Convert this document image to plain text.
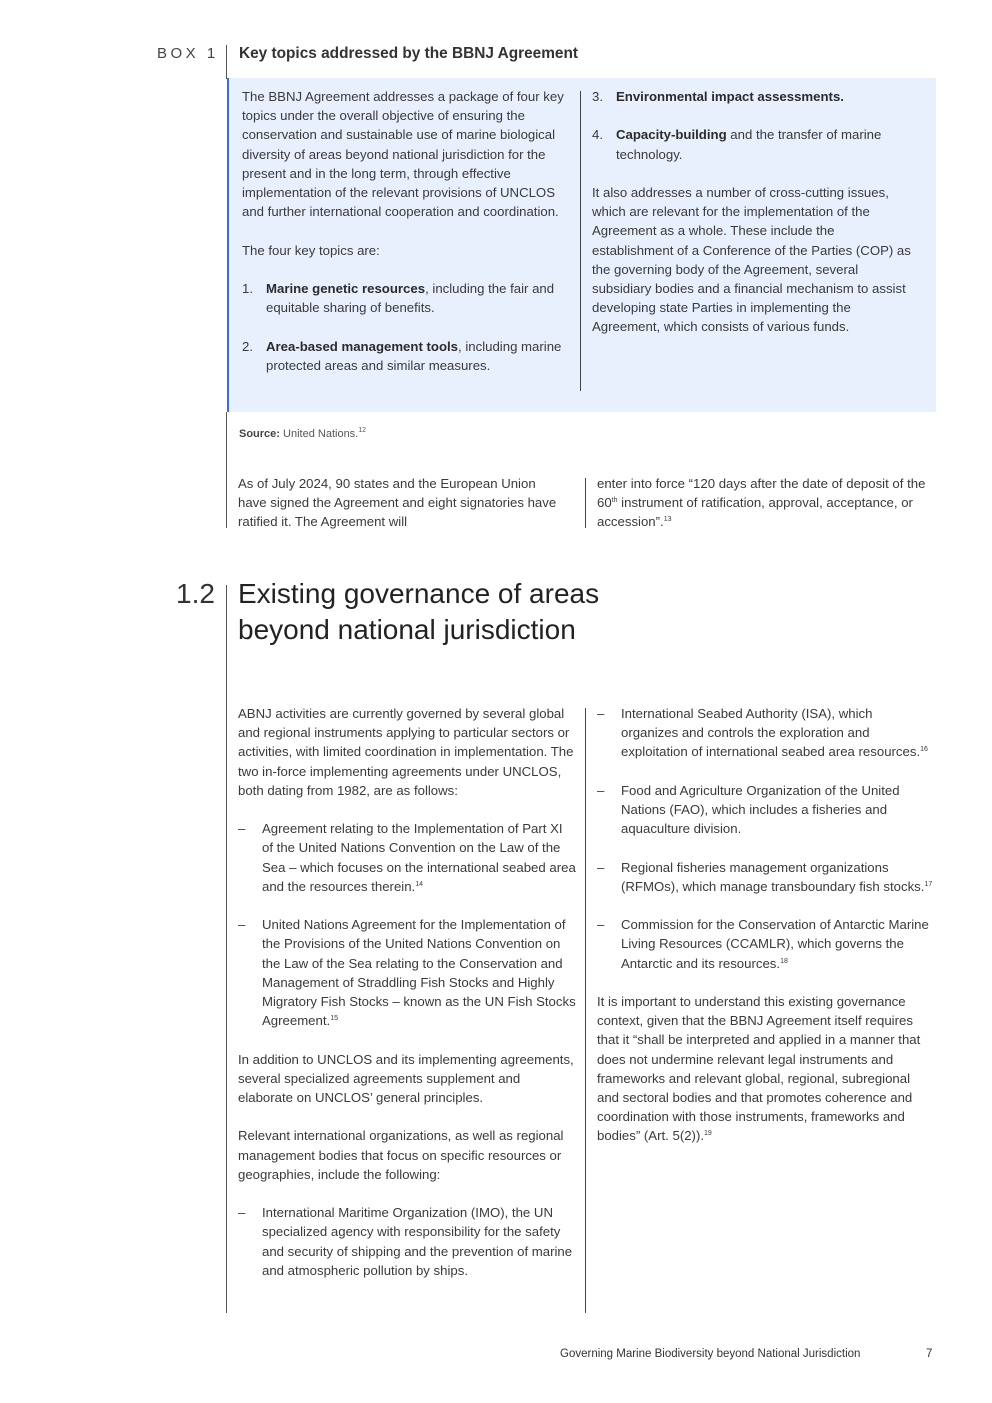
BOX 1 Key topics addressed by the BBNJ Agreement

The BBNJ Agreement addresses a package of four key topics under the overall objective of ensuring the conservation and sustainable use of marine biological diversity of areas beyond national jurisdiction for the present and in the long term, through effective implementation of the relevant provisions of UNCLOS and further international cooperation and coordination.

The four key topics are:

1. Marine genetic resources, including the fair and equitable sharing of benefits.
2. Area-based management tools, including marine protected areas and similar measures.
3. Environmental impact assessments.
4. Capacity-building and the transfer of marine technology.

It also addresses a number of cross-cutting issues, which are relevant for the implementation of the Agreement as a whole. These include the establishment of a Conference of the Parties (COP) as the governing body of the Agreement, several subsidiary bodies and a financial mechanism to assist developing state Parties in implementing the Agreement, which consists of various funds.

Source: United Nations.$^{12}$

As of July 2024, 90 states and the European Union have signed the Agreement and eight signatories have ratified it. The Agreement will

enter into force “120 days after the date of deposit of the 60th instrument of ratification, approval, acceptance, or accession”.$^{13}$

1.2 Existing governance of areas
beyond national jurisdiction

ABNJ activities are currently governed by several global and regional instruments applying to particular sectors or activities, with limited coordination in implementation. The two in-force implementing agreements under UNCLOS, both dating from 1982, are as follows:

– Agreement relating to the Implementation of Part XI of the United Nations Convention on the Law of the Sea – which focuses on the international seabed area and the resources therein.$^{14}$
– United Nations Agreement for the Implementation of the Provisions of the United Nations Convention on the Law of the Sea relating to the Conservation and Management of Straddling Fish Stocks and Highly Migratory Fish Stocks – known as the UN Fish Stocks Agreement.$^{15}$

In addition to UNCLOS and its implementing agreements, several specialized agreements supplement and elaborate on UNCLOS’ general principles.

Relevant international organizations, as well as regional management bodies that focus on specific resources or geographies, include the following:

– International Maritime Organization (IMO), the UN specialized agency with responsibility for the safety and security of shipping and the prevention of marine and atmospheric pollution by ships.
– International Seabed Authority (ISA), which organizes and controls the exploration and exploitation of international seabed area resources.$^{16}$
– Food and Agriculture Organization of the United Nations (FAO), which includes a fisheries and aquaculture division.
– Regional fisheries management organizations (RFMOs), which manage transboundary fish stocks.$^{17}$
– Commission for the Conservation of Antarctic Marine Living Resources (CCAMLR), which governs the Antarctic and its resources.$^{18}$

It is important to understand this existing governance context, given that the BBNJ Agreement itself requires that it “shall be interpreted and applied in a manner that does not undermine relevant legal instruments and frameworks and relevant global, regional, subregional and sectoral bodies and that promotes coherence and coordination with those instruments, frameworks and bodies” (Art. 5(2)).$^{19}$

Governing Marine Biodiversity beyond National Jurisdiction	7
